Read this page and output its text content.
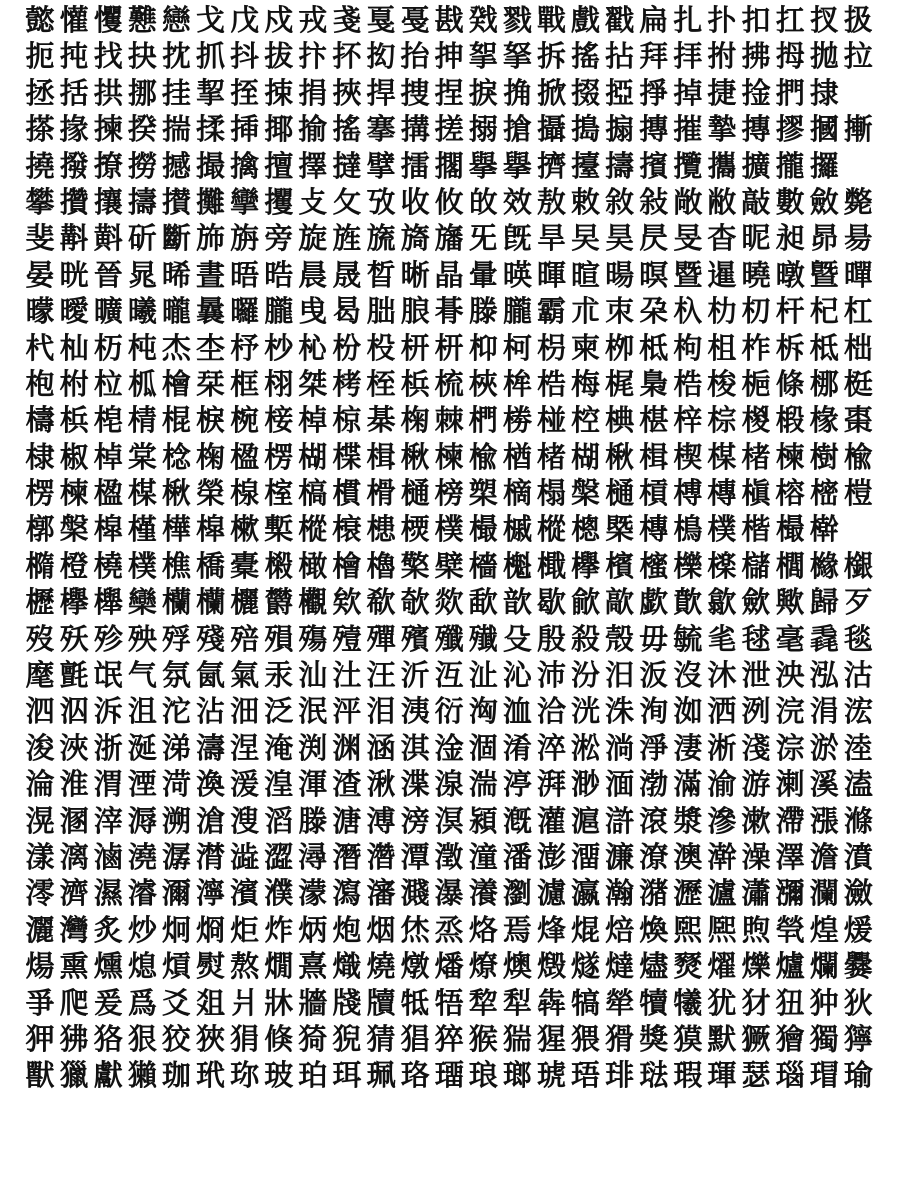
懿 懽 戄 戁 戀 戈 戊 戍 戎 戔 戛 戞 戡 戣 戮 戰 戲 戳 扁 扎 扑 扣 扛 扠 扱
扼 扽 找 抉 抌 抓 抖 拔 抃 抔 抝 抬 抻 挐 拏 拆 搖 拈 拜 拝 拊 拂 拇 拋 拉
拯 括 拱 挪 挂 挈 挃 捒 捐 挾 捍 捜 捏 捩 捔 掀 掇 掗 掙 掉 捷 捦 捫 捸
搽 掾 揀 揆 揣 揉 揷 揶 揄 搖 搴 搆 搓 搦 搶 攝 搗 搧 摶 摧 摯 摶 摎 摑 摲
撓 撥 撩 撈 撼 撮 擒 擅 擇 撻 擘 擂 擱 擧 擧 擠 擡 擣 擯 攬 攜 擴 攏 攞
攀 攢 攘 擣 攅 攤 攣 攫 攴 攵 攷 收 攸 敀 效 敖 敕 敘 敍 敞 敝 敲 數 斂 斃
斐 斠 斢 斫 斷 斾 旃 旁 旋 旌 旒 旖 旛 旡 旣 旱 旲 昊 昃 旻 杳 昵 昶 昴 昜
晏 晄 晉 晁 晞 晝 晤 晧 晨 晟 晳 晰 晶 暈 暎 暉 暄 暘 暝 暨 暹 曉 暾 曁 暺
曚 曖 曠 曦 曨 曩 曪 朧 曵 曷 朏 朖 朞 滕 朧 霸 朮 朿 朶 杁 朸 朷 杆 杞 杠
杙 杣 杤 杶 杰 杢 杼 杪 杺 枌 杸 枅 枅 枊 柯 枴 柬 栁 柢 枸 柤 柞 柝 柢 柮
枹 柎 柆 柧 檜 栞 框 栩 桀 栲 桎 梹 梳 梜 桙 梏 梅 梶 梟 梏 梭 梔 條 梛 梃
檮 梹 梍 棈 棍 棙 椀 椄 棹 椋 棊 椈 棘 椚 椦 椪 椌 椣 椹 梓 棕 椶 椴 椽 棗
棣 椒 棹 棠 棯 椈 楹 楞 楜 楪 楫 楸 楝 楡 楢 楮 楜 楸 楫 楔 楳 楮 楝 樹 楡
楞 楝 楹 楳 楸 榮 楾 榁 槁 樌 榾 樋 榜 槊 樀 榻 槃 樋 槓 榑 槫 槇 榕 樒 榿
槨 槃 槹 槿 樺 槹 樕 槧 樅 榱 槵 樮 樸 樶 槭 樅 樬 槩 槫 樢 樸 楷 樶 檊
橢 橙 橈 樸 樵 橋 橐 樧 橄 檜 櫓 檠 檗 檣 櫆 檝 欅 檳 櫁 櫟 檪 櫧 櫚 櫞 檭
櫪 欅 櫸 欒 欗 欗 欐 欝 欟 欸 欷 欹 欻 歃 歆 歇 歈 歊 歔 歕 歙 歛 歟 歸 歹
歿 殀 殄 殃 殍 殘 殕 殞 殤 殪 殫 殯 殲 殱 殳 殷 殺 殼 毋 毓 毟 毬 毫 毳 毯
麾 氈 氓 气 氛 氤 氣 汞 汕 汢 汪 沂 沍 沚 沁 沛 汾 汨 汳 沒 沐 泄 泱 泓 沽
泗 泅 泝 沮 沱 沾 沺 泛 泯 泙 泪 洟 衍 洶 洫 洽 洸 洙 洵 洳 洒 洌 浣 涓 浤
浚 浹 浙 涎 涕 濤 涅 淹 渕 渊 涵 淇 淦 涸 淆 淬 淞 淌 淨 淒 淅 淺 淙 淤 淕
淪 淮 渭 湮 渮 渙 湲 湟 渾 渣 湫 渫 湶 湍 渟 湃 渺 湎 渤 滿 渝 游 溂 溪 溘
滉 溷 滓 溽 溯 滄 溲 滔 滕 溏 溥 滂 溟 潁 漑 灌 滬 滸 滾 漿 滲 漱 滯 漲 滌
漾 漓 滷 澆 潺 潸 澁 澀 潯 潛 濳 潭 澂 潼 潘 澎 澑 濂 潦 澳 澣 澡 澤 澹 濆
澪 濟 濕 濬 濔 濘 濱 濮 濛 瀉 瀋 濺 瀑 瀁 瀏 濾 瀛 瀚 潴 瀝 瀘 瀟 瀰 瀾 瀲
灑 灣 炙 炒 炯 烱 炬 炸 炳 炮 烟 烋 烝 烙 焉 烽 焜 焙 煥 煕 熈 煦 煢 煌 煖
煬 熏 燻 熄 熕 熨 熬 燗 熹 熾 燒 燉 燔 燎 燠 燬 燧 燵 燼 燹 燿 爍 爐 爛 爨
爭 爬 爰 爲 爻 爼 爿 牀 牆 牋 牘 牴 牾 犂 犁 犇 犒 犖 犢 犧 犹 犲 狃 狆 狄
狎 狒 狢 狠 狡 狹 狷 倏 猗 猊 猜 猖 猝 猴 猯 猩 猥 猾 獎 獏 默 獗 獪 獨 獰
獸 獵 獻 獺 珈 玳 珎 玻 珀 珥 珮 珞 璢 琅 瑯 琥 珸 琲 琺 瑕 琿 瑟 瑙 瑁 瑜
